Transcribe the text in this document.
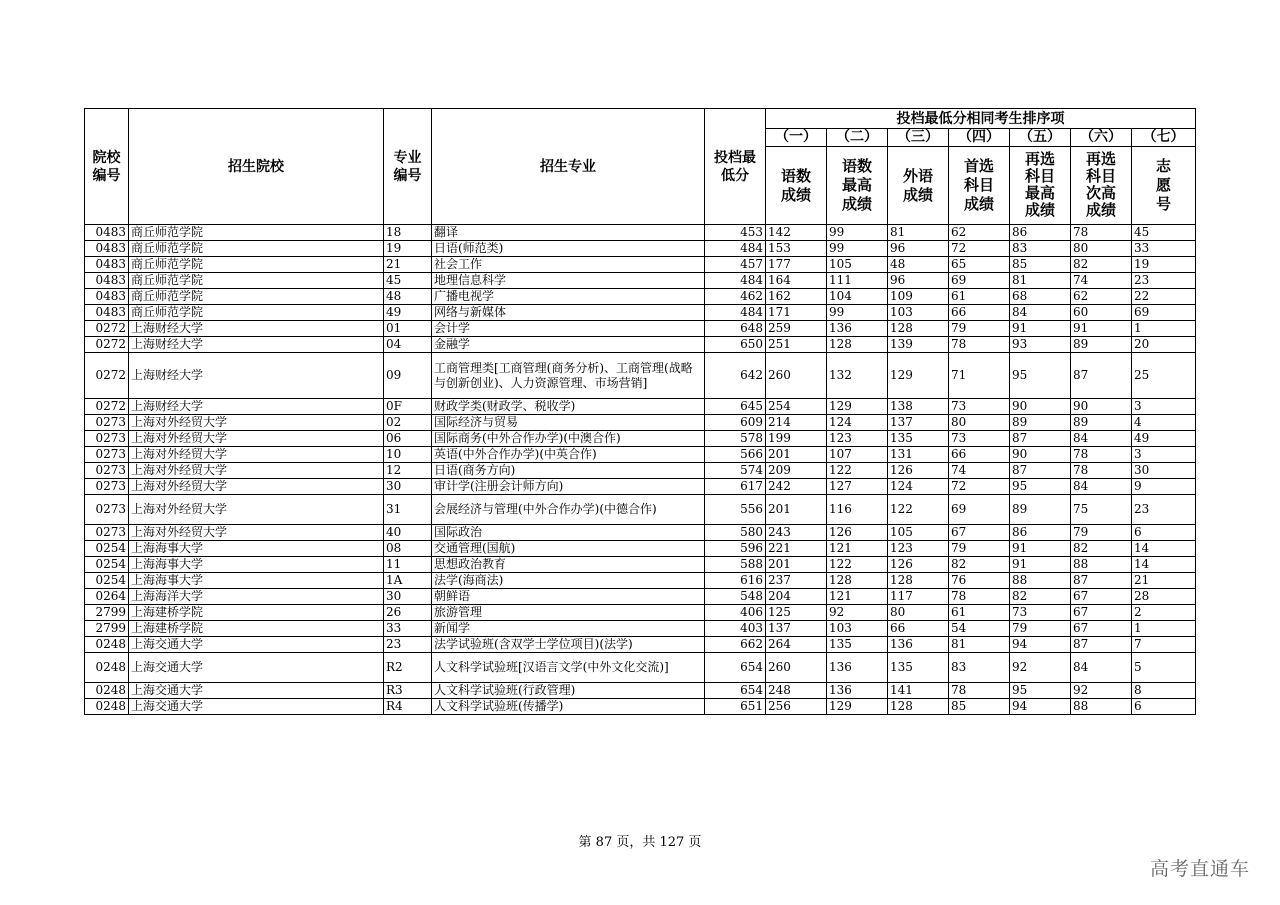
院校编号	招生院校	专业编号	招生专业	投档最低分	投档最低分相同考生排序项						
					（一）	（二）	（三）	（四）	（五）	（六）	（七）
					语数成绩	语数最高成绩	外语成绩	首选科目成绩	再选科目最高成绩	再选科目次高成绩	志愿号
0483	商丘师范学院	18	翻译	453	142	99	81	62	86	78	45
0483	商丘师范学院	19	日语(师范类)	484	153	99	96	72	83	80	33
0483	商丘师范学院	21	社会工作	457	177	105	48	65	85	82	19
0483	商丘师范学院	45	地理信息科学	484	164	111	96	69	81	74	23
0483	商丘师范学院	48	广播电视学	462	162	104	109	61	68	62	22
0483	商丘师范学院	49	网络与新媒体	484	171	99	103	66	84	60	69
0272	上海财经大学	01	会计学	648	259	136	128	79	91	91	1
0272	上海财经大学	04	金融学	650	251	128	139	78	93	89	20
0272	上海财经大学	09	工商管理类[工商管理(商务分析)、工商管理(战略与创新创业)、人力资源管理、市场营销]	642	260	132	129	71	95	87	25
0272	上海财经大学	0F	财政学类(财政学、税收学)	645	254	129	138	73	90	90	3
0273	上海对外经贸大学	02	国际经济与贸易	609	214	124	137	80	89	89	4
0273	上海对外经贸大学	06	国际商务(中外合作办学)(中澳合作)	578	199	123	135	73	87	84	49
0273	上海对外经贸大学	10	英语(中外合作办学)(中英合作)	566	201	107	131	66	90	78	3
0273	上海对外经贸大学	12	日语(商务方向)	574	209	122	126	74	87	78	30
0273	上海对外经贸大学	30	审计学(注册会计师方向)	617	242	127	124	72	95	84	9
0273	上海对外经贸大学	31	会展经济与管理(中外合作办学)(中德合作)	556	201	116	122	69	89	75	23
0273	上海对外经贸大学	40	国际政治	580	243	126	105	67	86	79	6
0254	上海海事大学	08	交通管理(国航)	596	221	121	123	79	91	82	14
0254	上海海事大学	11	思想政治教育	588	201	122	126	82	91	88	14
0254	上海海事大学	1A	法学(海商法)	616	237	128	128	76	88	87	21
0264	上海海洋大学	30	朝鲜语	548	204	121	117	78	82	67	28
2799	上海建桥学院	26	旅游管理	406	125	92	80	61	73	67	2
2799	上海建桥学院	33	新闻学	403	137	103	66	54	79	67	1
0248	上海交通大学	23	法学试验班(含双学士学位项目)(法学)	662	264	135	136	81	94	87	7
0248	上海交通大学	R2	人文科学试验班[汉语言文学(中外文化交流)]	654	260	136	135	83	92	84	5
0248	上海交通大学	R3	人文科学试验班(行政管理)	654	248	136	141	78	95	92	8
0248	上海交通大学	R4	人文科学试验班(传播学)	651	256	129	128	85	94	88	6
第 87 页，共 127 页
高考直通车
